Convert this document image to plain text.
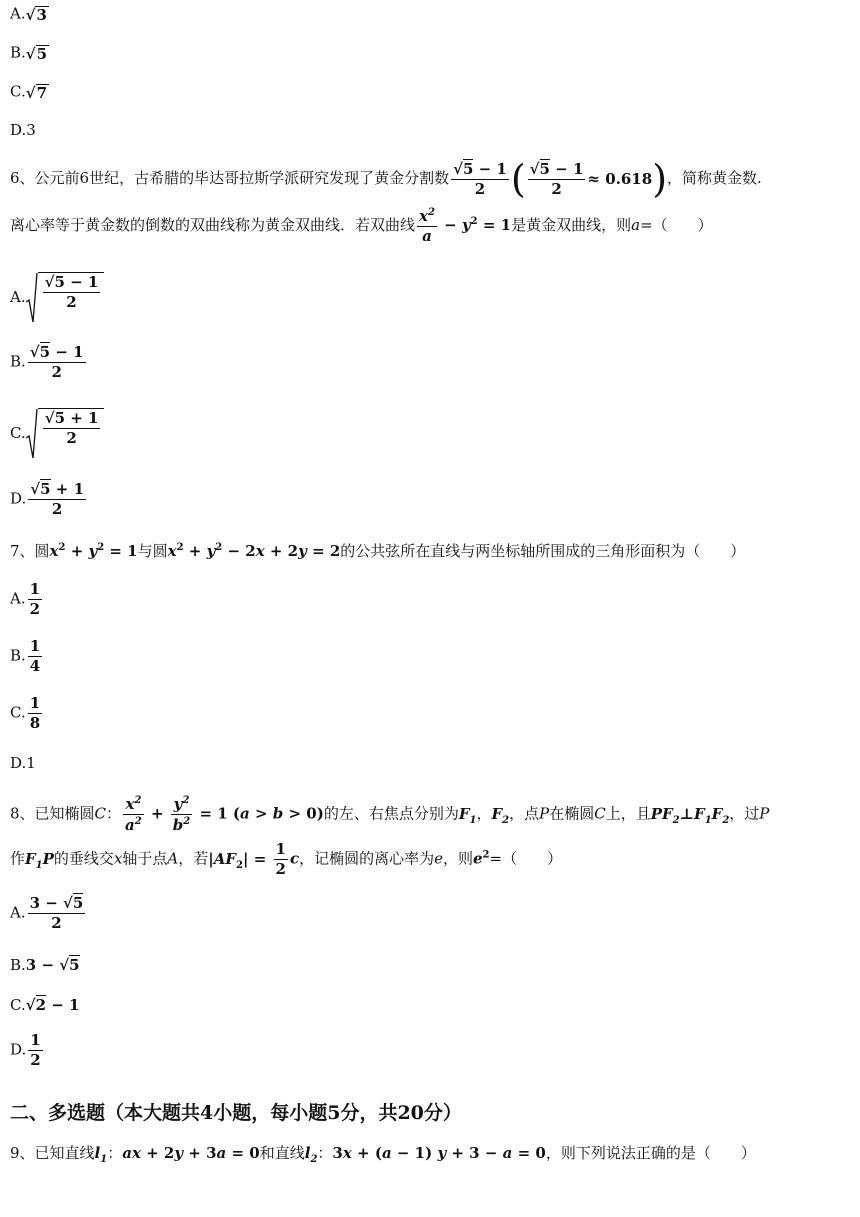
A.√3
B.√5
C.√7
D.3
6、公元前6世纪，古希腊的毕达哥拉斯学派研究发现了黄金分割数 $\frac{√5 - 1}{2}$ ( $\frac{√5 - 1}{2} \approx 0.618$ ) ，简称黄金数.
离心率等于黄金数的倒数的双曲线称为黄金双曲线．若双曲线 $\frac{x^2}{a} - y^2 = 1$是黄金双曲线，则a=（　　）
A. $\frac{√5 - 1}{2}$
B. $\frac{√5 - 1}{2}$
C. $\frac{√5 + 1}{2}$
D. $\frac{√5 + 1}{2}$
7、圆$x^2 + y^2 = 1$与圆$x^2 + y^2 - 2x + 2y = 2$的公共弦所在直线与两坐标轴所围成的三角形面积为（　　）
A. $\frac{1}{2}$
B. $\frac{1}{4}$
C. $\frac{1}{8}$
D.1
8、已知椭圆C： $\frac{x^2}{a^2} + \frac{y^2}{b^2} = 1$ (a > b > 0)的左、右焦点分别为$F_1$，$F_2$，点P在椭圆C上，且$PF_2\perp F_1F_2$，过P
作$F_1P$的垂线交x轴于点A，若$|AF_2| = \frac{1}{2}$ c，记椭圆的离心率为e，则$e^2=$（　　）
A. $\frac{3 - √5}{2}$
B.3 − √5
C.√2 − 1
D. $\frac{1}{2}$
二、多选题（本大题共4小题，每小题5分，共20分）
9、已知直线$l_1$：ax + 2y + 3a = 0和直线$l_2$：3x + (a − 1) y + 3 − a = 0，则下列说法正确的是（　　）
